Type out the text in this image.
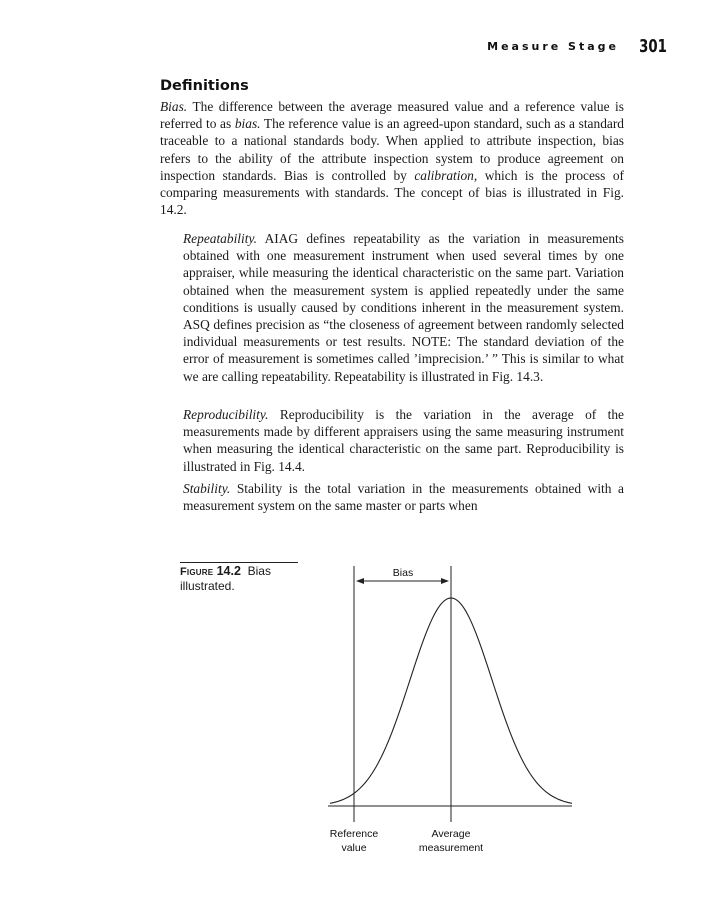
Measure Stage 301
Definitions

Bias. The difference between the average measured value and a reference value is referred to as bias. The reference value is an agreed-upon standard, such as a standard traceable to a national standards body. When applied to attribute inspection, bias refers to the ability of the attribute inspection system to produce agreement on inspection standards. Bias is controlled by calibration, which is the process of comparing measurements with standards. The concept of bias is illustrated in Fig. 14.2.

Repeatability. AIAG defines repeatability as the variation in measurements obtained with one measurement instrument when used several times by one appraiser, while measuring the identical characteristic on the same part. Variation obtained when the measurement system is applied repeatedly under the same conditions is usually caused by conditions inherent in the measurement system. ASQ defines precision as “the closeness of agreement between randomly selected individual measurements or test results. NOTE: The standard deviation of the error of measurement is sometimes called ’imprecision.’ ” This is similar to what we are calling repeatability. Repeatability is illustrated in Fig. 14.3.

Reproducibility. Reproducibility is the variation in the average of the measurements made by different appraisers using the same measuring instrument when measuring the identical characteristic on the same part. Reproducibility is illustrated in Fig. 14.4.

Stability. Stability is the total variation in the measurements obtained with a measurement system on the same master or parts when

Figure 14.2 Bias illustrated.
Bias
Reference
value
Average
measurement
